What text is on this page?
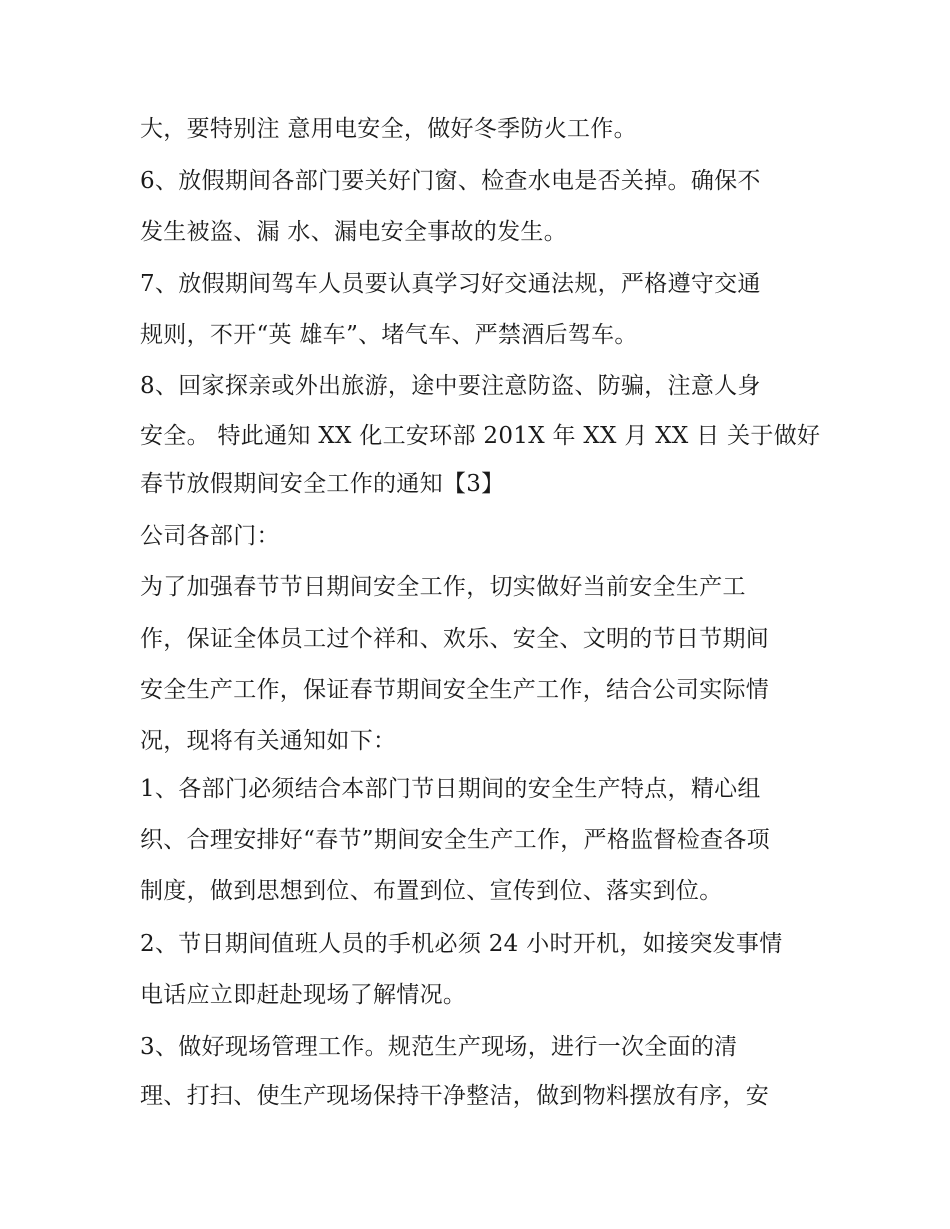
大，要特别注 意用电安全，做好冬季防火工作。
6、放假期间各部门要关好门窗、检查水电是否关掉。确保不
发生被盗、漏 水、漏电安全事故的发生。
7、放假期间驾车人员要认真学习好交通法规，严格遵守交通
规则，不开“英 雄车”、堵气车、严禁酒后驾车。
8、回家探亲或外出旅游，途中要注意防盗、防骗，注意人身
安全。 特此通知 XX 化工安环部 201X 年 XX 月 XX 日 关于做好
春节放假期间安全工作的通知【3】
公司各部门：
为了加强春节节日期间安全工作，切实做好当前安全生产工
作，保证全体员工过个祥和、欢乐、安全、文明的节日节期间
安全生产工作，保证春节期间安全生产工作，结合公司实际情
况，现将有关通知如下：
1、各部门必须结合本部门节日期间的安全生产特点，精心组
织、合理安排好“春节”期间安全生产工作，严格监督检查各项
制度，做到思想到位、布置到位、宣传到位、落实到位。
2、节日期间值班人员的手机必须 24 小时开机，如接突发事情
电话应立即赶赴现场了解情况。
3、做好现场管理工作。规范生产现场，进行一次全面的清
理、打扫、使生产现场保持干净整洁，做到物料摆放有序，安
